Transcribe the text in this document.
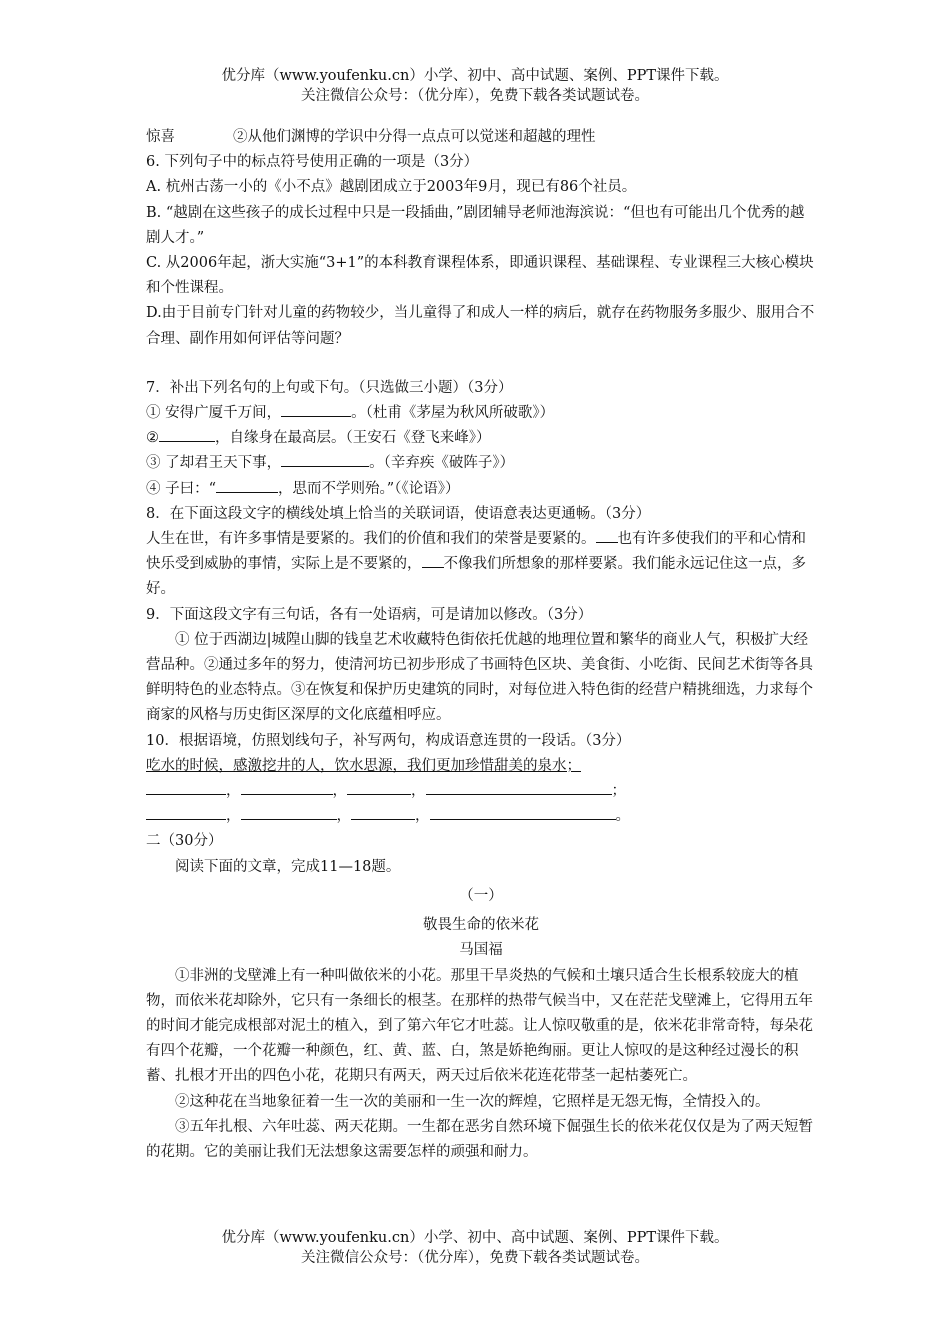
优分库（www.youfenku.cn）小学、初中、高中试题、案例、PPT课件下载。
关注微信公众号：（优分库），免费下载各类试题试卷。

惊喜	②从他们渊博的学识中分得一点点可以觉迷和超越的理性

6. 下列句子中的标点符号使用正确的一项是（3分）

A. 杭州古荡一小的《小不点》越剧团成立于2003年9月，现已有86个社员。

B. “越剧在这些孩子的成长过程中只是一段插曲，”剧团辅导老师池海滨说：“但也有可能出几个优秀的越剧人才。”

C. 从2006年起，浙大实施“3+1”的本科教育课程体系，即通识课程、基础课程、专业课程三大核心模块和个性课程。

D.由于目前专门针对儿童的药物较少，当儿童得了和成人一样的病后，就存在药物服务多服少、服用合不合理、副作用如何评估等问题？

7．补出下列名句的上句或下句。（只选做三小题）（3分）

① 安得广厦千万间，	。（杜甫《茅屋为秋风所破歌》）

②	，自缘身在最高层。（王安石《登飞来峰》）

③ 了却君王天下事，	。（辛弃疾《破阵子》）

④ 子曰：“	，思而不学则殆。”（《论语》）

8．在下面这段文字的横线处填上恰当的关联词语，使语意表达更通畅。（3分）

人生在世，有许多事情是要紧的。我们的价值和我们的荣誉是要紧的。 也有许多使我们的平和心情和快乐受到威胁的事情，实际上是不要紧的， 不像我们所想象的那样要紧。我们能永远记住这一点，多好。

9．下面这段文字有三句话，各有一处语病，可是请加以修改。（3分）

① 位于西湖边|城隍山脚的钱皇艺术收藏特色街依托优越的地理位置和繁华的商业人气，积极扩大经营品种。②通过多年的努力，使清河坊已初步形成了书画特色区块、美食街、小吃街、民间艺术街等各具鲜明特色的业态特点。③在恢复和保护历史建筑的同时，对每位进入特色街的经营户精挑细选，力求每个商家的风格与历史街区深厚的文化底蕴相呼应。

10．根据语境，仿照划线句子，补写两句，构成语意连贯的一段话。（3分）

吃水的时候，感激挖井的人，饮水思源，我们更加珍惜甜美的泉水；

，	，	，	；

，	，	，	。

二（30分）

阅读下面的文章，完成11—18题。

（一）

敬畏生命的依米花

马国福

①非洲的戈壁滩上有一种叫做依米的小花。那里干旱炎热的气候和土壤只适合生长根系较庞大的植物，而依米花却除外，它只有一条细长的根茎。在那样的热带气候当中，又在茫茫戈壁滩上，它得用五年的时间才能完成根部对泥土的植入，到了第六年它才吐蕊。让人惊叹敬重的是，依米花非常奇特，每朵花有四个花瓣，一个花瓣一种颜色，红、黄、蓝、白，煞是娇艳绚丽。更让人惊叹的是这种经过漫长的积蓄、扎根才开出的四色小花，花期只有两天，两天过后依米花连花带茎一起枯萎死亡。

②这种花在当地象征着一生一次的美丽和一生一次的辉煌，它照样是无怨无悔，全情投入的。

③五年扎根、六年吐蕊、两天花期。一生都在恶劣自然环境下倔强生长的依米花仅仅是为了两天短暂的花期。它的美丽让我们无法想象这需要怎样的顽强和耐力。

优分库（www.youfenku.cn）小学、初中、高中试题、案例、PPT课件下载。
关注微信公众号：（优分库），免费下载各类试题试卷。
